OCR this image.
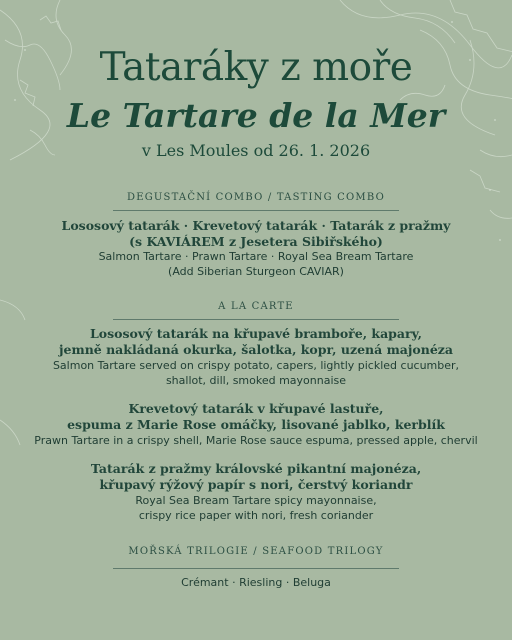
Tataráky z moře
Le Tartare de la Mer
v Les Moules od 26. 1. 2026
DEGUSTAČNÍ COMBO / TASTING COMBO
Lososový tatarák · Krevetový tatarák · Tatarák z pražmy
(s KAVIÁREM z Jesetera Sibiřského)
Salmon Tartare · Prawn Tartare · Royal Sea Bream Tartare
(Add Siberian Sturgeon CAVIAR)
A LA CARTE
Lososový tatarák na křupavé bramboře, kapary,
jemně nakládaná okurka, šalotka, kopr, uzená majonéza
Salmon Tartare served on crispy potato, capers, lightly pickled cucumber,
shallot, dill, smoked mayonnaise
Krevetový tatarák v křupavé lastuře,
espuma z Marie Rose omáčky, lisované jablko, kerblík
Prawn Tartare in a crispy shell, Marie Rose sauce espuma, pressed apple, chervil
Tatarák z pražmy královské pikantní majonéza,
křupavý rýžový papír s nori, čerstvý koriandr
Royal Sea Bream Tartare spicy mayonnaise,
crispy rice paper with nori, fresh coriander
MOŘSKÁ TRILOGIE / SEAFOOD TRILOGY
Crémant · Riesling · Beluga
